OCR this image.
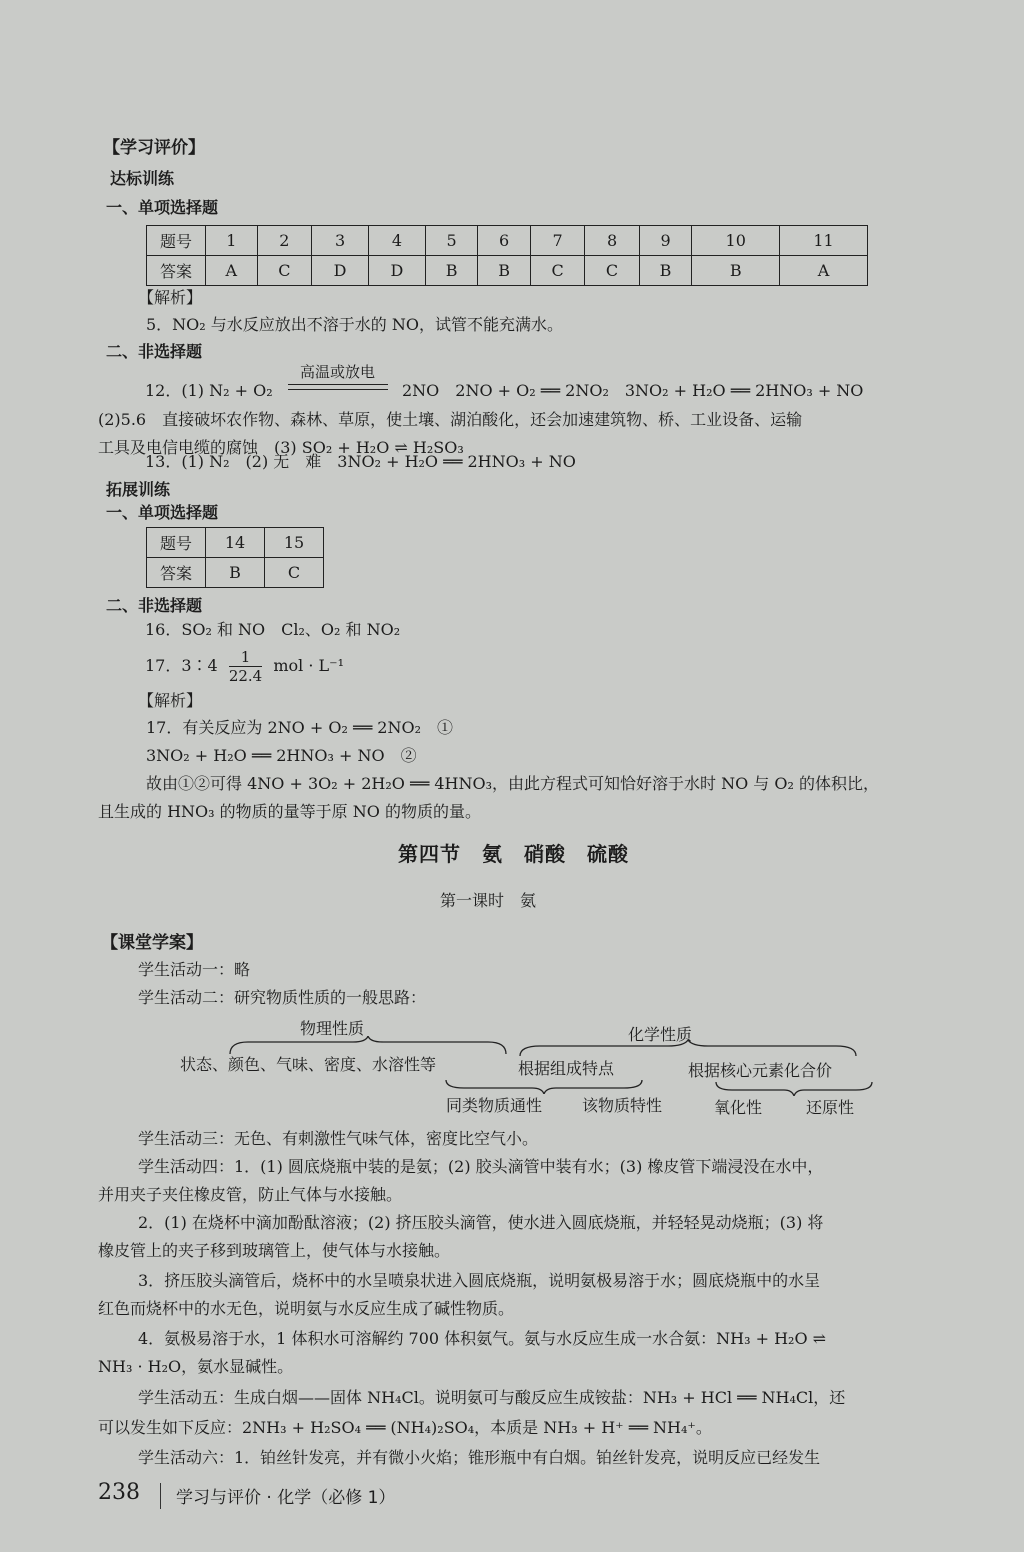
【学习评价】
达标训练
一、单项选择题
题号	1	2	3	4	5	6	7	8	9	10	11
答案	A	C	D	D	B	B	C	C	B	B	A
【解析】
5．NO₂ 与水反应放出不溶于水的 NO，试管不能充满水。
二、非选择题
12．(1) N₂ + O₂
高温或放电
2NO　2NO + O₂ ══ 2NO₂　3NO₂ + H₂O ══ 2HNO₃ + NO
(2)5.6　直接破坏农作物、森林、草原，使土壤、湖泊酸化，还会加速建筑物、桥、工业设备、运输
工具及电信电缆的腐蚀　(3) SO₂ + H₂O ⇌ H₂SO₃
13．(1) N₂　(2) 无　难　3NO₂ + H₂O ══ 2HNO₃ + NO
拓展训练
一、单项选择题
题号	14	15
答案	B	C
二、非选择题
16．SO₂ 和 NO　Cl₂、O₂ 和 NO₂
17．3∶4 $\frac{1}{22.4}$ mol · L⁻¹
【解析】
17．有关反应为 2NO + O₂ ══ 2NO₂　①
3NO₂ + H₂O ══ 2HNO₃ + NO　②
故由①②可得 4NO + 3O₂ + 2H₂O ══ 4HNO₃，由此方程式可知恰好溶于水时 NO 与 O₂ 的体积比，
且生成的 HNO₃ 的物质的量等于原 NO 的物质的量。
第四节　氨　硝酸　硫酸
第一课时　氨
【课堂学案】
学生活动一：略
学生活动二：研究物质性质的一般思路：
物理性质
状态、颜色、气味、密度、水溶性等
化学性质
根据组成特点	根据核心元素化合价
同类物质通性 该物质特性	氧化性	还原性
学生活动三：无色、有刺激性气味气体，密度比空气小。
学生活动四：1．(1) 圆底烧瓶中装的是氨；(2) 胶头滴管中装有水；(3) 橡皮管下端浸没在水中，
并用夹子夹住橡皮管，防止气体与水接触。
2．(1) 在烧杯中滴加酚酞溶液；(2) 挤压胶头滴管，使水进入圆底烧瓶，并轻轻晃动烧瓶；(3) 将
橡皮管上的夹子移到玻璃管上，使气体与水接触。
3．挤压胶头滴管后，烧杯中的水呈喷泉状进入圆底烧瓶，说明氨极易溶于水；圆底烧瓶中的水呈
红色而烧杯中的水无色，说明氨与水反应生成了碱性物质。
4．氨极易溶于水，1 体积水可溶解约 700 体积氨气。氨与水反应生成一水合氨：NH₃ + H₂O ⇌
NH₃ · H₂O，氨水显碱性。
学生活动五：生成白烟——固体 NH₄Cl。说明氨可与酸反应生成铵盐：NH₃ + HCl ══ NH₄Cl，还
可以发生如下反应：2NH₃ + H₂SO₄ ══ (NH₄)₂SO₄，本质是 NH₃ + H⁺ ══ NH₄⁺。
学生活动六：1．铂丝针发亮，并有微小火焰；锥形瓶中有白烟。铂丝针发亮，说明反应已经发生
238 学习与评价 · 化学（必修 1）
